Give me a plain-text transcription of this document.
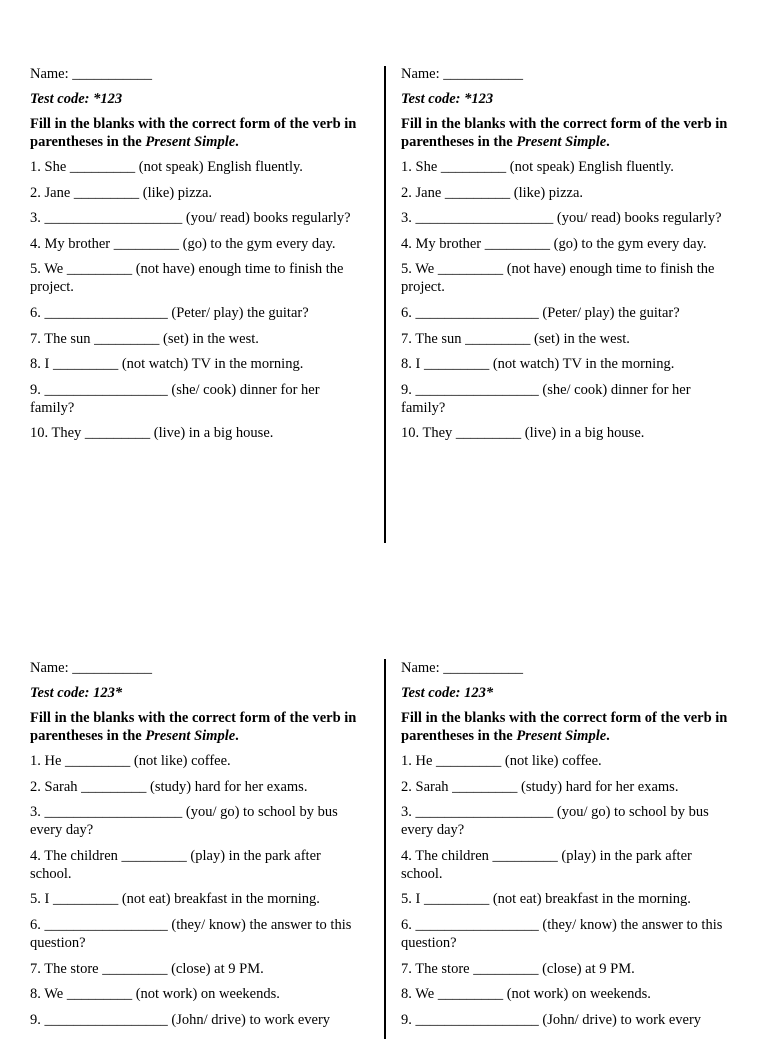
Name: ___________
Test code: *123
Fill in the blanks with the correct form of the verb in parentheses in the Present Simple.
1. She _________ (not speak) English fluently.
2. Jane _________ (like) pizza.
3. ___________________ (you/ read) books regularly?
4. My brother _________ (go) to the gym every day.
5. We _________ (not have) enough time to finish the project.
6. _________________ (Peter/ play) the guitar?
7. The sun _________ (set) in the west.
8. I _________ (not watch) TV in the morning.
9. _________________ (she/ cook) dinner for her family?
10. They _________ (live) in a big house.
Name: ___________
Test code: *123
Fill in the blanks with the correct form of the verb in parentheses in the Present Simple.
1. She _________ (not speak) English fluently.
2. Jane _________ (like) pizza.
3. ___________________ (you/ read) books regularly?
4. My brother _________ (go) to the gym every day.
5. We _________ (not have) enough time to finish the project.
6. _________________ (Peter/ play) the guitar?
7. The sun _________ (set) in the west.
8. I _________ (not watch) TV in the morning.
9. _________________ (she/ cook) dinner for her family?
10. They _________ (live) in a big house.
Name: ___________
Test code: 123*
Fill in the blanks with the correct form of the verb in parentheses in the Present Simple.
1. He _________ (not like) coffee.
2. Sarah _________ (study) hard for her exams.
3. ___________________ (you/ go) to school by bus every day?
4. The children _________ (play) in the park after school.
5. I _________ (not eat) breakfast in the morning.
6. _________________ (they/ know) the answer to this question?
7. The store _________ (close) at 9 PM.
8. We _________ (not work) on weekends.
9. _________________ (John/ drive) to work every
Name: ___________
Test code: 123*
Fill in the blanks with the correct form of the verb in parentheses in the Present Simple.
1. He _________ (not like) coffee.
2. Sarah _________ (study) hard for her exams.
3. ___________________ (you/ go) to school by bus every day?
4. The children _________ (play) in the park after school.
5. I _________ (not eat) breakfast in the morning.
6. _________________ (they/ know) the answer to this question?
7. The store _________ (close) at 9 PM.
8. We _________ (not work) on weekends.
9. _________________ (John/ drive) to work every
